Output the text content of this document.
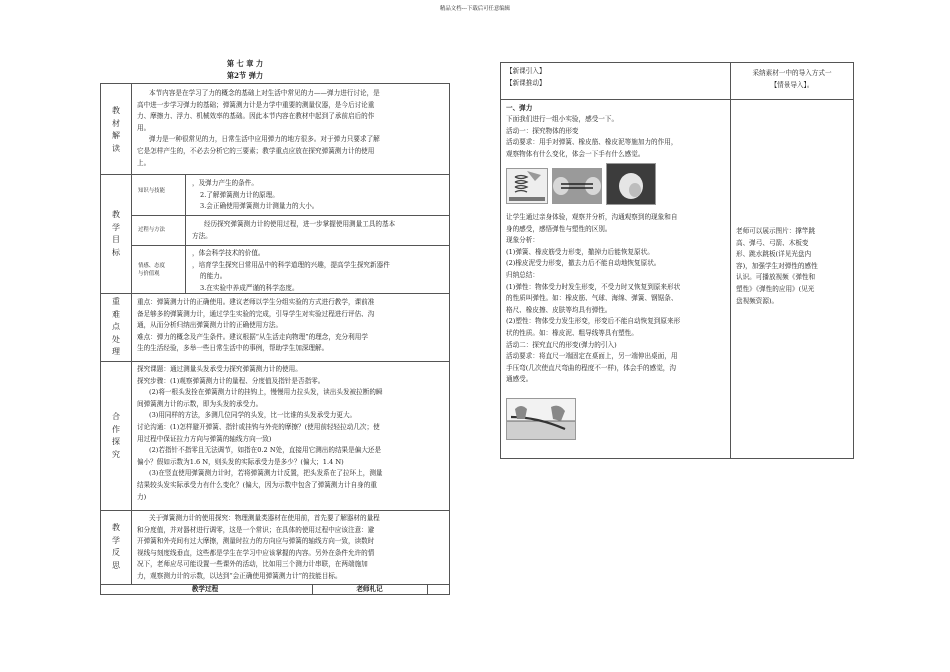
精品文档---下载后可任意编辑
第 七 章 力
第2节 弹力
教
材
解
读
教
学
目
标
重
难
点
处
理
合
作
探
究
教
学
反
思
本节内容是在学习了力的概念的基础上对生活中常见的力——弹力进行讨论，是
高中进一步学习弹力的基础；弹簧测力计是力学中重要的测量仪器，是今后讨论重
力、摩擦力、浮力、机械效率的基础。因此本节内容在教材中起到了承前启后的作
用。
弹力是一种很常见的力，日常生活中应用弹力的地方很多。对于弹力只要求了解
它是怎样产生的，不必去分析它的三要素；教学重点应放在探究弹簧测力计的使用
上。
知识与技能
，及弹力产生的条件。
2.了解弹簧测力计的原理。
3.会正确使用弹簧测力计测量力的大小。
过程与方法
经历探究弹簧测力计的使用过程，进一步掌握使用测量工具的基本
方法。
情感、态度
与价值观
，体会科学技术的价值。
，培育学生探究日常用品中的科学道理的兴趣，提高学生探究新器件
的能力。
3.在实验中养成严谨的科学态度。
重点：弹簧测力计的正确使用。建议老师以学生分组实验的方式进行教学，课前准
备足够多的弹簧测力计，通过学生实验的完成，引导学生对实验过程进行评估、沟
通，从而分析归纳出弹簧测力计的正确使用方法。
难点：弹力的概念及产生条件。建议根据“从生活走向物理”的理念，充分利用学
生的生活经验，多举一些日常生活中的事例，帮助学生加深理解。
探究课题：通过测量头发承受力探究弹簧测力计的使用。
探究步骤：(1)观察弹簧测力计的量程、分度值及指针是否指零。
(2)将一根头发拴在弹簧测力计的挂钩上，慢慢用力拉头发，读出头发被拉断的瞬
间弹簧测力计的示数，即为头发的承受力。
(3)用同样的方法，多测几位同学的头发，比一比谁的头发承受力更大。
讨论沟通：(1)怎样避开弹簧、指针或挂钩与外壳的摩擦？(使用前轻轻拉动几次；使
用过程中保证拉力方向与弹簧的轴线方向一致)
(2)若指针不指零且无法调节，如指在0.2 N处，直接用它测出的结果是偏大还是
偏小？假如示数为1.6 N，则头发的实际承受力是多少？(偏大；1.4 N)
(3)在竖直使用弹簧测力计时，若将弹簧测力计反置，把头发系在了拉环上，测量
结果较头发实际承受力有什么变化？(偏大，因为示数中包含了弹簧测力计自身的重
力)
关于弹簧测力计的使用探究：物理测量类器材在使用前，首先要了解器材的量程
和分度值，并对器材进行调零，这是一个常识；在具体的使用过程中应该注意：避
开弹簧和外壳间有过大摩擦，测量时拉力的方向应与弹簧的轴线方向一致，读数时
视线与刻度线垂直，这些都是学生在学习中应该掌握的内容。另外在条件允许的情
况下，老师应尽可能设置一些课外的活动，比如用三个测力计串联，在两端施加
力，观察测力计的示数，以达到“会正确使用弹簧测力计”的技能目标。
教学过程	老师札记
【新课引入】
【新课推动】
采纳素材一中的导入方式一
【情景导入】。
一、弹力
下面我们进行一组小实验，感受一下。
活动一：探究物体的形变
活动要求：用手对弹簧、橡皮筋、橡皮泥等施加力的作用，
观察物体有什么变化，体会一下手有什么感觉。
让学生通过亲身体验，观察并分析，沟通观察到的现象和自
身的感受，感悟弹性与塑性的区别。
现象分析：
(1)弹簧、橡皮筋受力形变，撤掉力后能恢复原状。
(2)橡皮泥受力形变，撤去力后不能自动地恢复原状。
归纳总结：
(1)弹性：物体受力时发生形变，不受力时又恢复到原来形状
的性质叫弹性。如：橡皮筋、气球、海绵、弹簧、钢锯条、
格尺、橡皮擦、皮肤等均具有弹性。
(2)塑性：物体受力发生形变，形变后不能自动恢复到原来形
状的性质。如：橡皮泥、粗导线等具有塑性。
活动二：探究直尺的形变(弹力的引入)
活动要求：将直尺一端固定在桌面上，另一端伸出桌面，用
手压弯(几次使直尺弯曲的程度不一样)，体会手的感觉，沟
通感受。
老师可以展示图片：撑竿跳
高、弹弓、弓箭、木板变
形、跳水跳板(详见光盘内
容)，加强学生对弹性的感性
认识。可播放视频《弹性和
塑性》《弹性的应用》(见光
盘视频资源)。
